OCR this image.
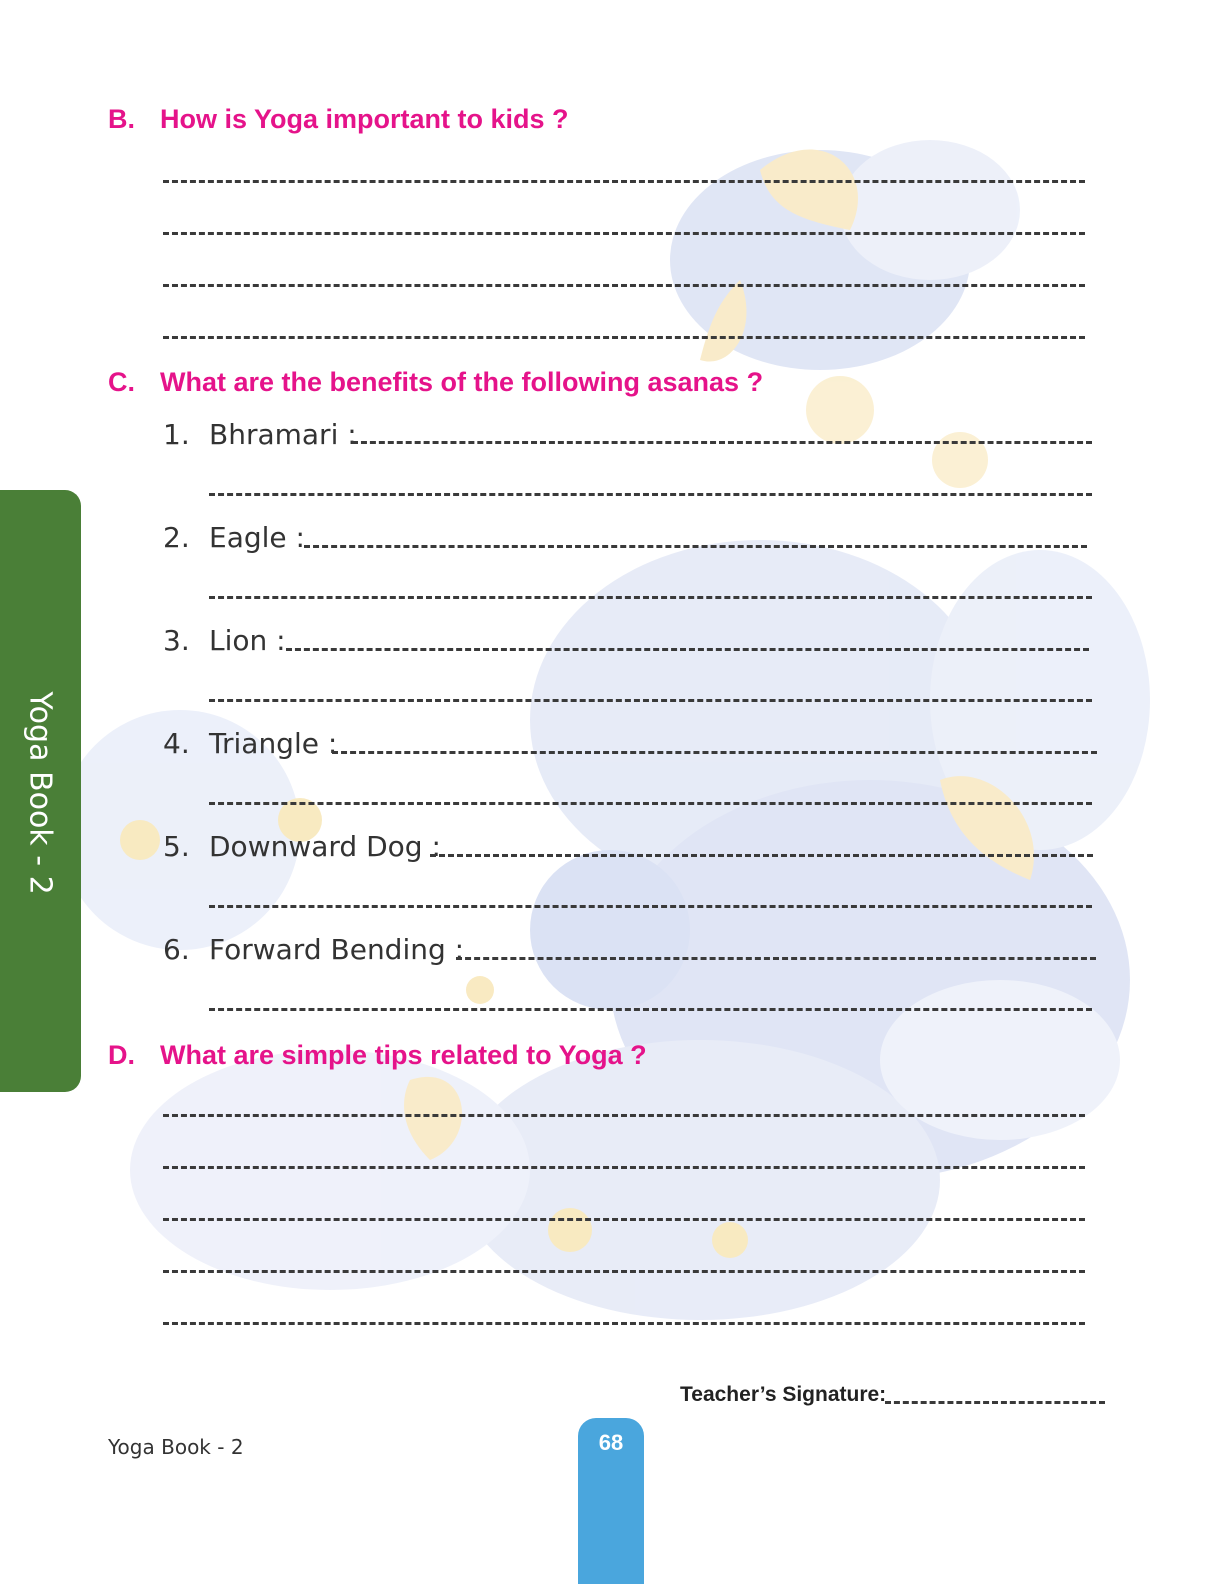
Yoga Book - 2
B. How is Yoga important to kids ?
C. What are the benefits of the following asanas ?
1. Bhramari :
2. Eagle :
3. Lion :
4. Triangle :
5. Downward Dog :
6. Forward Bending :
D. What are simple tips related to Yoga ?
Teacher’s Signature:
Yoga Book - 2	68
